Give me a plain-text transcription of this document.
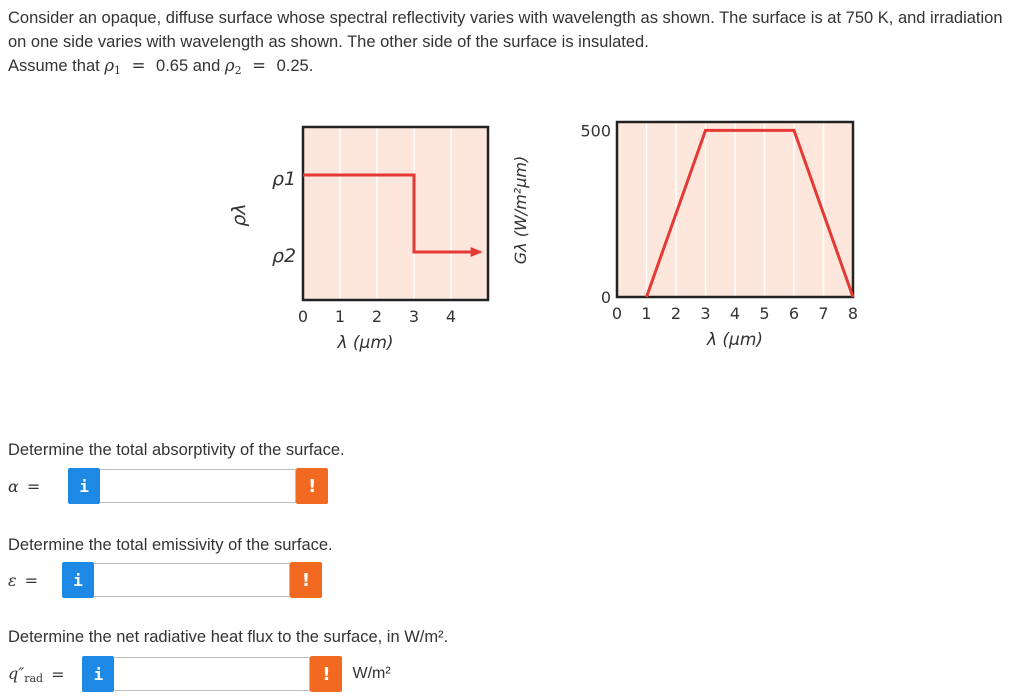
Consider an opaque, diffuse surface whose spectral reflectivity varies with wavelength as shown. The surface is at 750 K, and irradiation on one side varies with wavelength as shown. The other side of the surface is insulated.

Assume that $\rho_1 = 0.65$ and $\rho_2 = 0.25$.

0 1 2 3 4
λ (μm)
ρ1
ρ2
ρλ
0 1 2 3 4 5 6 7 8
λ (μm)
0
500
Gλ (W/m²μm)
Determine the total absorptivity of the surface.
α =	i	!
Determine the total emissivity of the surface.
ε =	i	!
Determine the net radiative heat flux to the surface, in W/m².
$q''_{rad}$ =	i	!	W/m²
